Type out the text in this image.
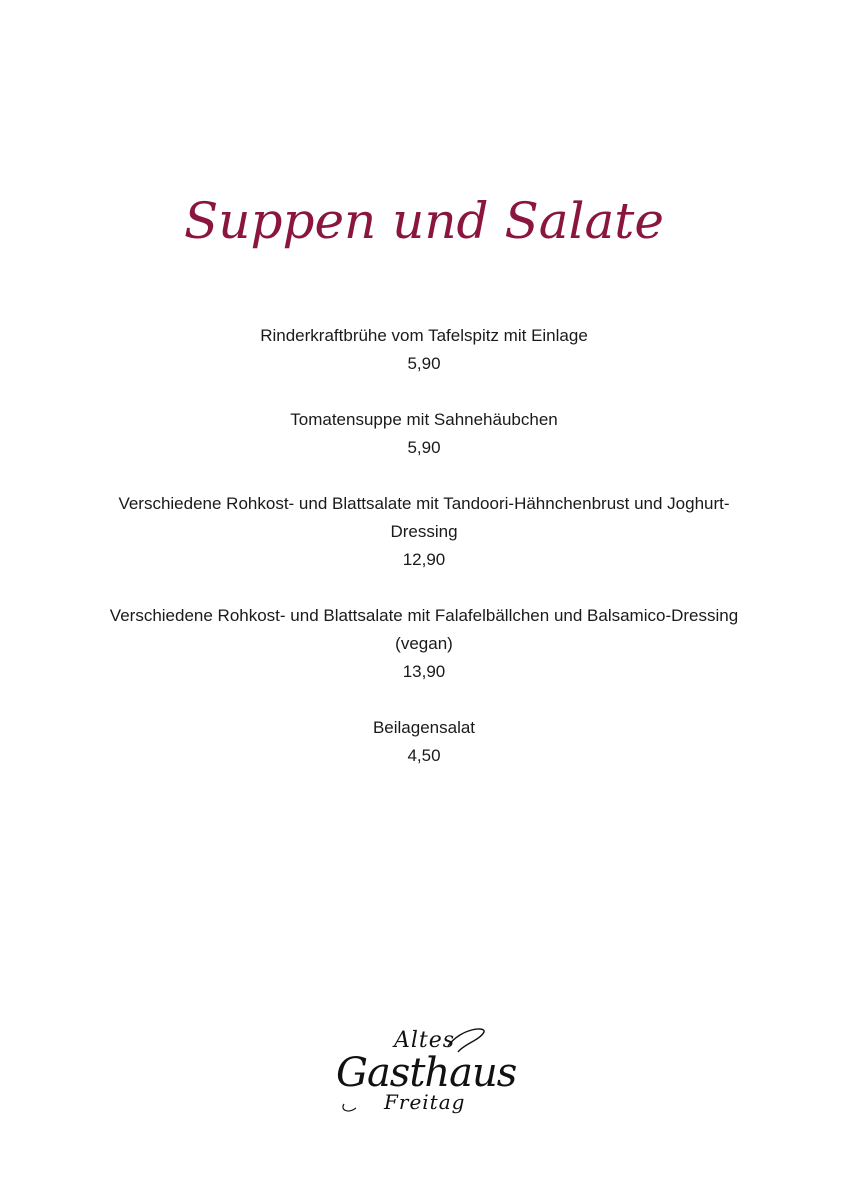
Suppen und Salate
Rinderkraftbrühe vom Tafelspitz mit Einlage
5,90
Tomatensuppe mit Sahnehäubchen
5,90
Verschiedene Rohkost- und Blattsalate mit Tandoori-Hähnchenbrust und Joghurt-Dressing
12,90
Verschiedene Rohkost- und Blattsalate mit Falafelbällchen und Balsamico-Dressing (vegan)
13,90
Beilagensalat
4,50
Altes
Gasthaus
Freitag
